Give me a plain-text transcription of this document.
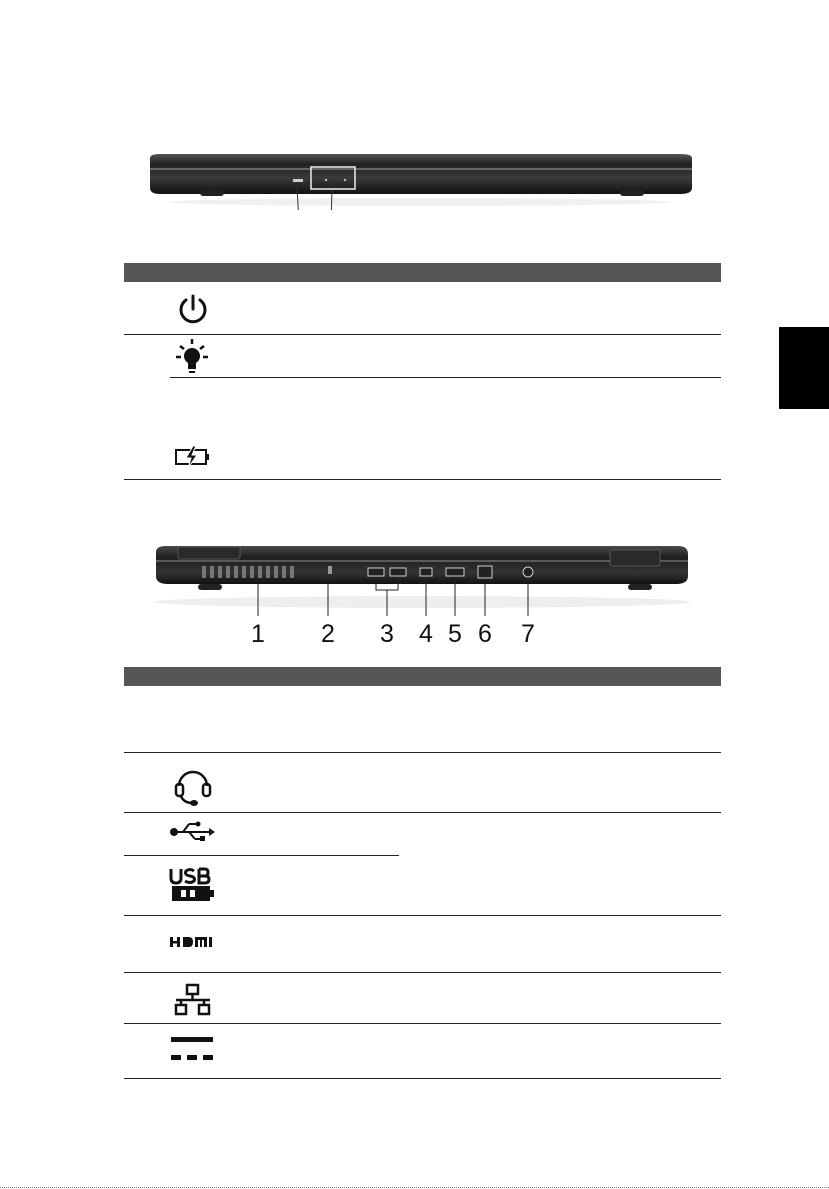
1 2 3 4 5 6 7
